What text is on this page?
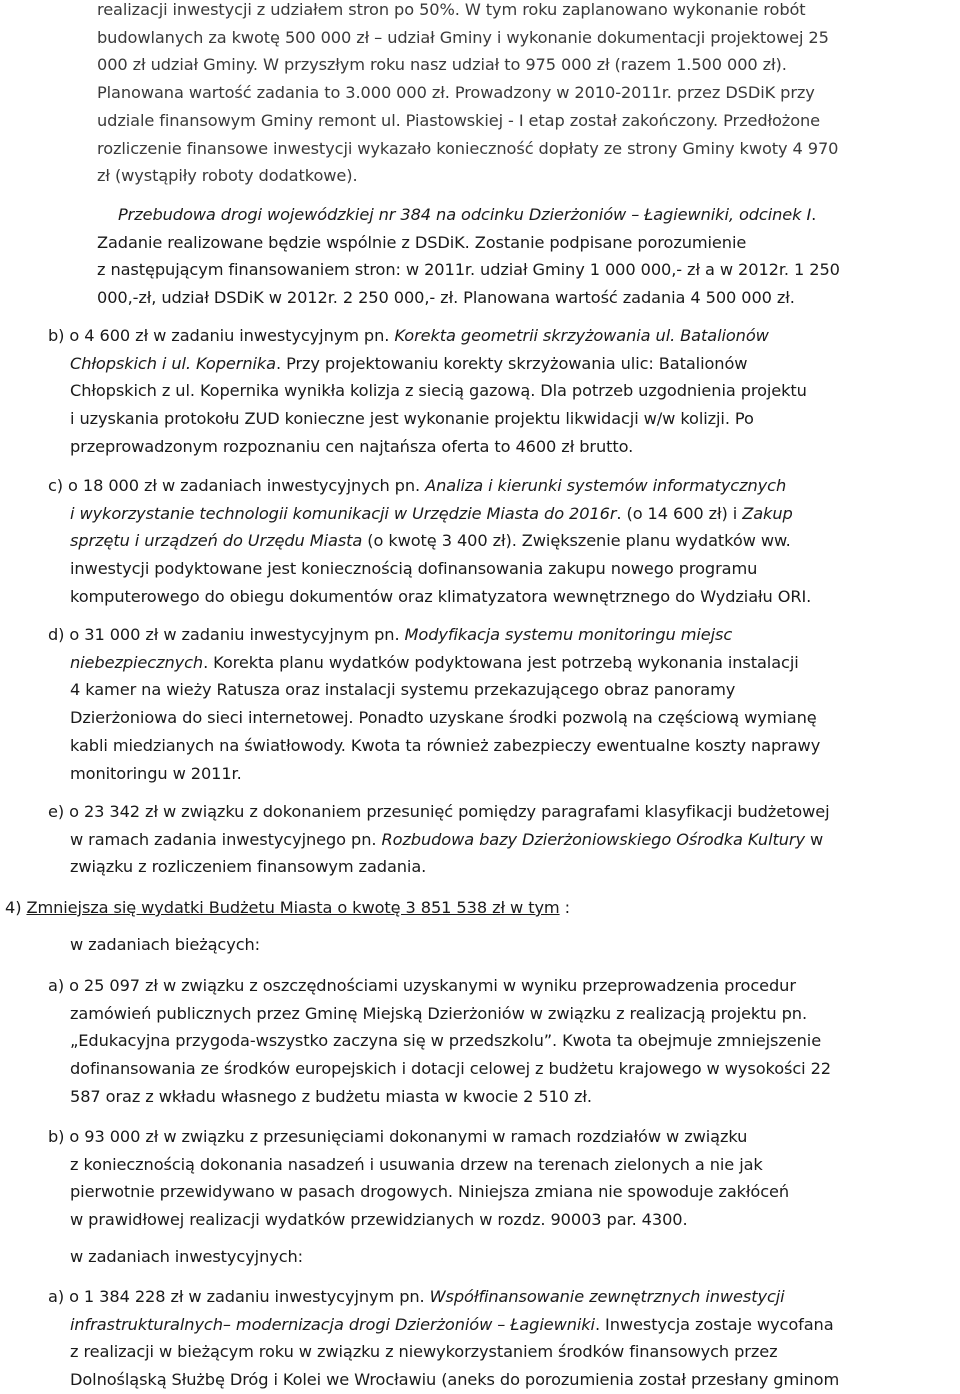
realizacji inwestycji z udziałem stron po 50%. W tym roku zaplanowano wykonanie robót
budowlanych za kwotę 500 000 zł – udział Gminy i wykonanie dokumentacji projektowej 25
000 zł udział Gminy. W przyszłym roku nasz udział to 975 000 zł (razem 1.500 000 zł).
Planowana wartość zadania to 3.000 000 zł. Prowadzony w 2010-2011r. przez DSDiK przy
udziale finansowym Gminy remont ul. Piastowskiej - I etap został zakończony. Przedłożone
rozliczenie finansowe inwestycji wykazało konieczność dopłaty ze strony Gminy kwoty 4 970
zł (wystąpiły roboty dodatkowe).
Przebudowa drogi wojewódzkiej nr 384 na odcinku Dzierżoniów – Łagiewniki, odcinek I.
Zadanie realizowane będzie wspólnie z DSDiK. Zostanie podpisane porozumienie
z następującym finansowaniem stron: w 2011r. udział Gminy 1 000 000,- zł a w 2012r. 1 250
000,-zł, udział DSDiK w 2012r. 2 250 000,- zł. Planowana wartość zadania 4 500 000 zł.
b) o 4 600 zł w zadaniu inwestycyjnym pn. Korekta geometrii skrzyżowania ul. Batalionów
Chłopskich i ul. Kopernika. Przy projektowaniu korekty skrzyżowania ulic: Batalionów
Chłopskich z ul. Kopernika wynikła kolizja z siecią gazową. Dla potrzeb uzgodnienia projektu
i uzyskania protokołu ZUD konieczne jest wykonanie projektu likwidacji w/w kolizji. Po
przeprowadzonym rozpoznaniu cen najtańsza oferta to 4600 zł brutto.
c) o 18 000 zł w zadaniach inwestycyjnych pn. Analiza i kierunki systemów informatycznych
i wykorzystanie technologii komunikacji w Urzędzie Miasta do 2016r. (o 14 600 zł) i Zakup
sprzętu i urządzeń do Urzędu Miasta (o kwotę 3 400 zł). Zwiększenie planu wydatków ww.
inwestycji podyktowane jest koniecznością dofinansowania zakupu nowego programu
komputerowego do obiegu dokumentów oraz klimatyzatora wewnętrznego do Wydziału ORI.
d) o 31 000 zł w zadaniu inwestycyjnym pn. Modyfikacja systemu monitoringu miejsc
niebezpiecznych. Korekta planu wydatków podyktowana jest potrzebą wykonania instalacji
4 kamer na wieży Ratusza oraz instalacji systemu przekazującego obraz panoramy
Dzierżoniowa do sieci internetowej. Ponadto uzyskane środki pozwolą na częściową wymianę
kabli miedzianych na światłowody. Kwota ta również zabezpieczy ewentualne koszty naprawy
monitoringu w 2011r.
e) o 23 342 zł w związku z dokonaniem przesunięć pomiędzy paragrafami klasyfikacji budżetowej
w ramach zadania inwestycyjnego pn. Rozbudowa bazy Dzierżoniowskiego Ośrodka Kultury w
związku z rozliczeniem finansowym zadania.
4) Zmniejsza się wydatki Budżetu Miasta o kwotę 3 851 538 zł w tym :
w zadaniach bieżących:
a) o 25 097 zł w związku z oszczędnościami uzyskanymi w wyniku przeprowadzenia procedur
zamówień publicznych przez Gminę Miejską Dzierżoniów w związku z realizacją projektu pn.
„Edukacyjna przygoda-wszystko zaczyna się w przedszkolu”. Kwota ta obejmuje zmniejszenie
dofinansowania ze środków europejskich i dotacji celowej z budżetu krajowego w wysokości 22
587 oraz z wkładu własnego z budżetu miasta w kwocie 2 510 zł.
b) o 93 000 zł w związku z przesunięciami dokonanymi w ramach rozdziałów w związku
z koniecznością dokonania nasadzeń i usuwania drzew na terenach zielonych a nie jak
pierwotnie przewidywano w pasach drogowych. Niniejsza zmiana nie spowoduje zakłóceń
w prawidłowej realizacji wydatków przewidzianych w rozdz. 90003 par. 4300.
w zadaniach inwestycyjnych:
a) o 1 384 228 zł w zadaniu inwestycyjnym pn. Współfinansowanie zewnętrznych inwestycji
infrastrukturalnych– modernizacja drogi Dzierżoniów – Łagiewniki. Inwestycja zostaje wycofana
z realizacji w bieżącym roku w związku z niewykorzystaniem środków finansowych przez
Dolnośląską Służbę Dróg i Kolei we Wrocławiu (aneks do porozumienia został przesłany gminom
